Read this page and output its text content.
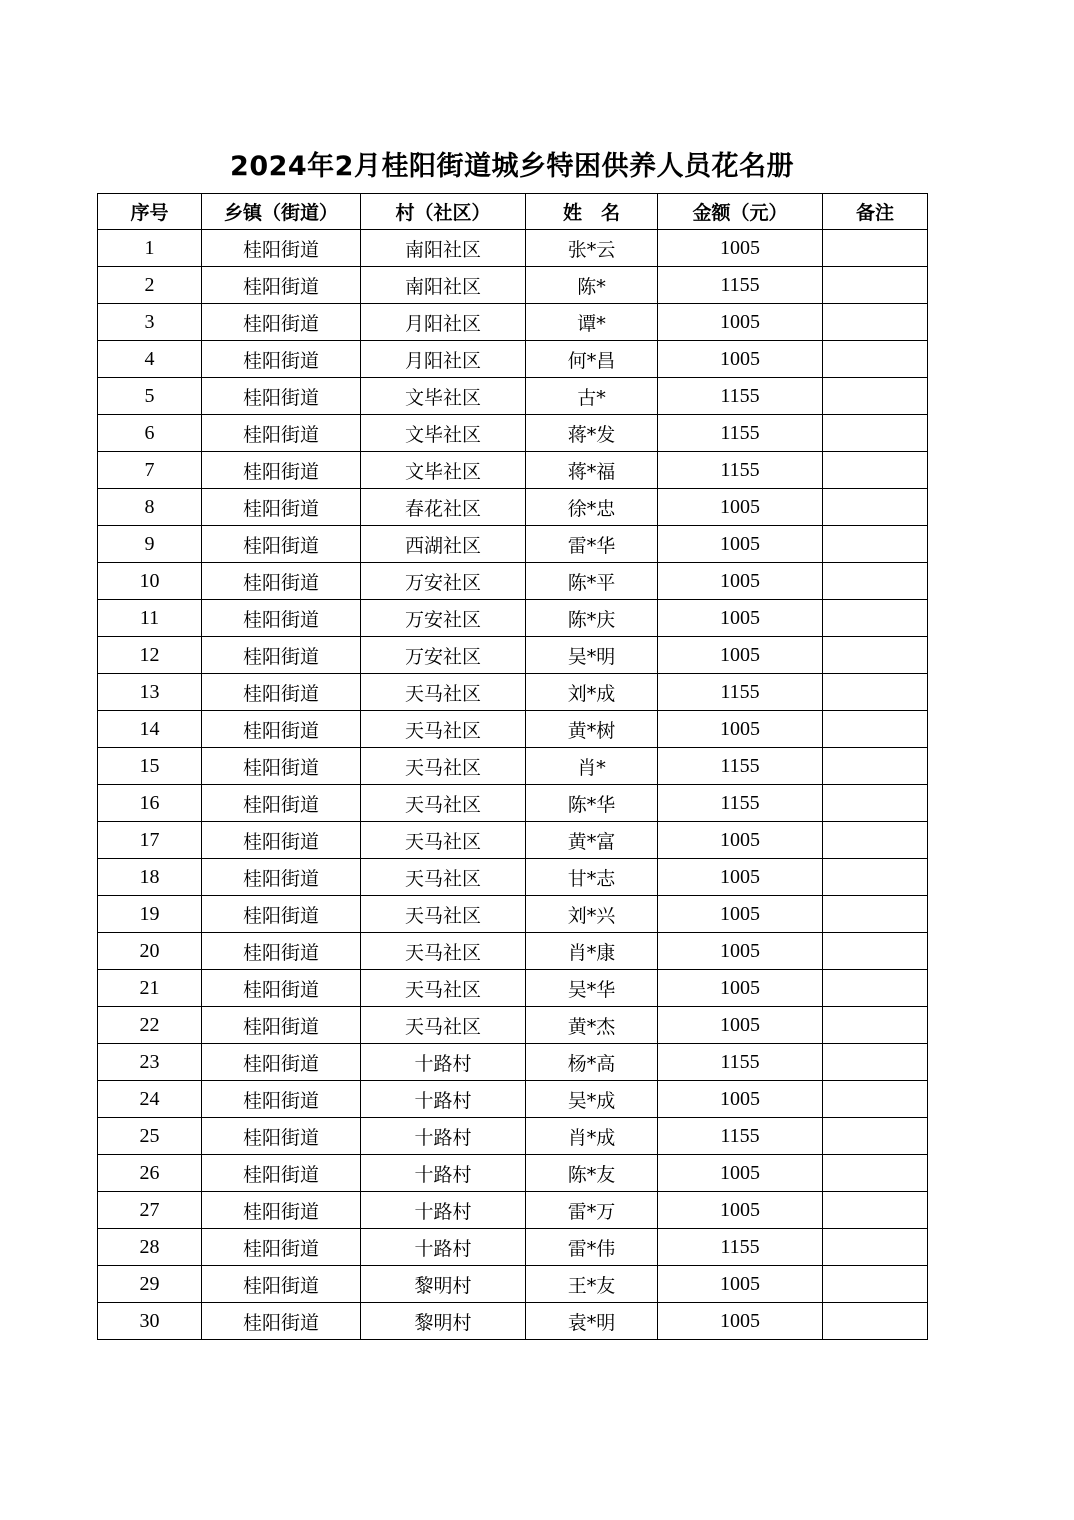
2024年2月桂阳街道城乡特困供养人员花名册
序号	乡镇（街道）	村（社区）	姓　名	金额（元）	备注
1	桂阳街道	南阳社区	张*云	1005	
2	桂阳街道	南阳社区	陈*	1155	
3	桂阳街道	月阳社区	谭*	1005	
4	桂阳街道	月阳社区	何*昌	1005	
5	桂阳街道	文毕社区	古*	1155	
6	桂阳街道	文毕社区	蒋*发	1155	
7	桂阳街道	文毕社区	蒋*福	1155	
8	桂阳街道	春花社区	徐*忠	1005	
9	桂阳街道	西湖社区	雷*华	1005	
10	桂阳街道	万安社区	陈*平	1005	
11	桂阳街道	万安社区	陈*庆	1005	
12	桂阳街道	万安社区	吴*明	1005	
13	桂阳街道	天马社区	刘*成	1155	
14	桂阳街道	天马社区	黄*树	1005	
15	桂阳街道	天马社区	肖*	1155	
16	桂阳街道	天马社区	陈*华	1155	
17	桂阳街道	天马社区	黄*富	1005	
18	桂阳街道	天马社区	甘*志	1005	
19	桂阳街道	天马社区	刘*兴	1005	
20	桂阳街道	天马社区	肖*康	1005	
21	桂阳街道	天马社区	吴*华	1005	
22	桂阳街道	天马社区	黄*杰	1005	
23	桂阳街道	十路村	杨*高	1155	
24	桂阳街道	十路村	吴*成	1005	
25	桂阳街道	十路村	肖*成	1155	
26	桂阳街道	十路村	陈*友	1005	
27	桂阳街道	十路村	雷*万	1005	
28	桂阳街道	十路村	雷*伟	1155	
29	桂阳街道	黎明村	王*友	1005	
30	桂阳街道	黎明村	袁*明	1005	
